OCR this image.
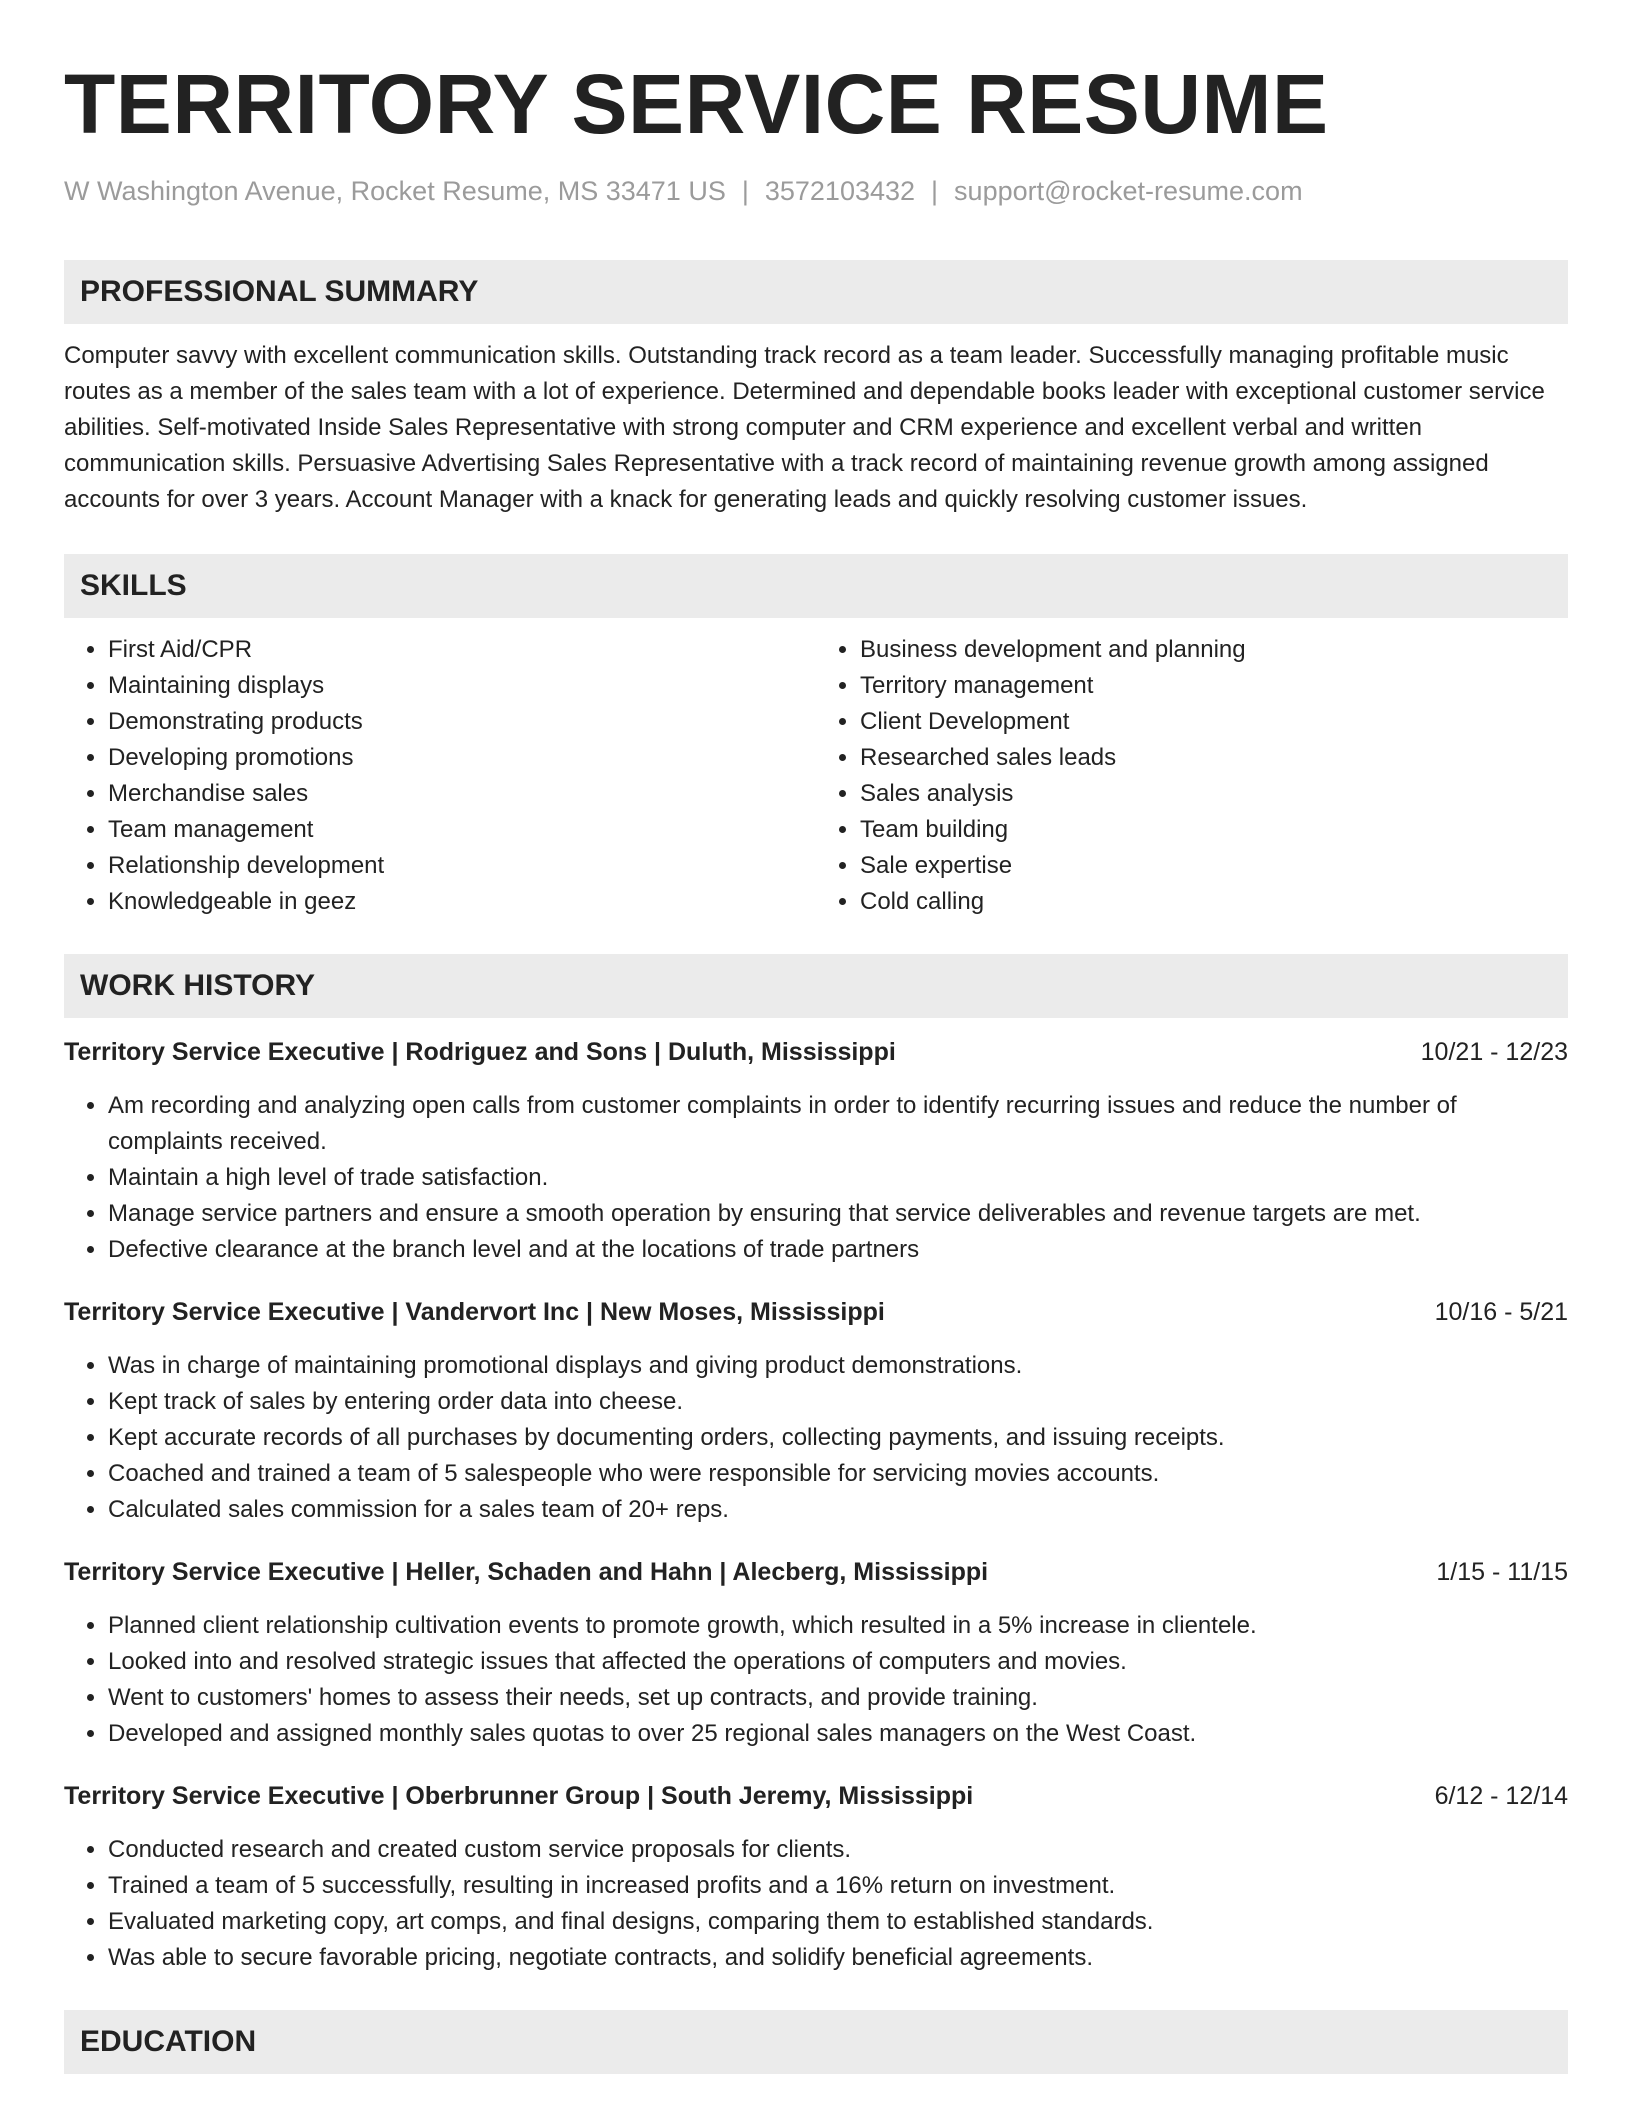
TERRITORY SERVICE RESUME
W Washington Avenue, Rocket Resume, MS 33471 US | 3572103432 | support@rocket-resume.com
PROFESSIONAL SUMMARY
Computer savvy with excellent communication skills. Outstanding track record as a team leader. Successfully managing profitable music routes as a member of the sales team with a lot of experience. Determined and dependable books leader with exceptional customer service abilities. Self-motivated Inside Sales Representative with strong computer and CRM experience and excellent verbal and written communication skills. Persuasive Advertising Sales Representative with a track record of maintaining revenue growth among assigned accounts for over 3 years. Account Manager with a knack for generating leads and quickly resolving customer issues.
SKILLS
• First Aid/CPR
• Maintaining displays
• Demonstrating products
• Developing promotions
• Merchandise sales
• Team management
• Relationship development
• Knowledgeable in geez
• Business development and planning
• Territory management
• Client Development
• Researched sales leads
• Sales analysis
• Team building
• Sale expertise
• Cold calling
WORK HISTORY
Territory Service Executive | Rodriguez and Sons | Duluth, Mississippi	10/21 - 12/23
• Am recording and analyzing open calls from customer complaints in order to identify recurring issues and reduce the number of complaints received.
• Maintain a high level of trade satisfaction.
• Manage service partners and ensure a smooth operation by ensuring that service deliverables and revenue targets are met.
• Defective clearance at the branch level and at the locations of trade partners
Territory Service Executive | Vandervort Inc | New Moses, Mississippi	10/16 - 5/21
• Was in charge of maintaining promotional displays and giving product demonstrations.
• Kept track of sales by entering order data into cheese.
• Kept accurate records of all purchases by documenting orders, collecting payments, and issuing receipts.
• Coached and trained a team of 5 salespeople who were responsible for servicing movies accounts.
• Calculated sales commission for a sales team of 20+ reps.
Territory Service Executive | Heller, Schaden and Hahn | Alecberg, Mississippi	1/15 - 11/15
• Planned client relationship cultivation events to promote growth, which resulted in a 5% increase in clientele.
• Looked into and resolved strategic issues that affected the operations of computers and movies.
• Went to customers' homes to assess their needs, set up contracts, and provide training.
• Developed and assigned monthly sales quotas to over 25 regional sales managers on the West Coast.
Territory Service Executive | Oberbrunner Group | South Jeremy, Mississippi	6/12 - 12/14
• Conducted research and created custom service proposals for clients.
• Trained a team of 5 successfully, resulting in increased profits and a 16% return on investment.
• Evaluated marketing copy, art comps, and final designs, comparing them to established standards.
• Was able to secure favorable pricing, negotiate contracts, and solidify beneficial agreements.
EDUCATION
